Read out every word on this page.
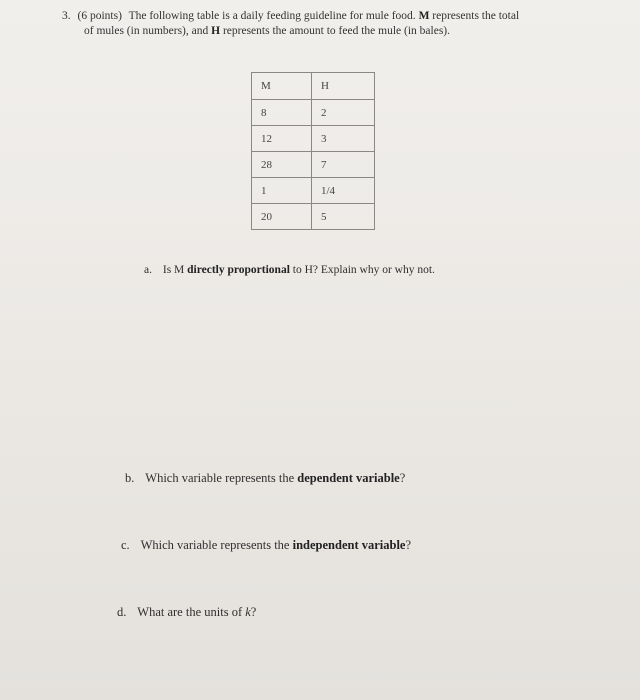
3. (6 points) The following table is a daily feeding guideline for mule food. M represents the total
of mules (in numbers), and H represents the amount to feed the mule (in bales).
M	H
8	2
12	3
28	7
1	1/4
20	5
a. Is M directly proportional to H? Explain why or why not.
b. Which variable represents the dependent variable?
c. Which variable represents the independent variable?
d. What are the units of k?
